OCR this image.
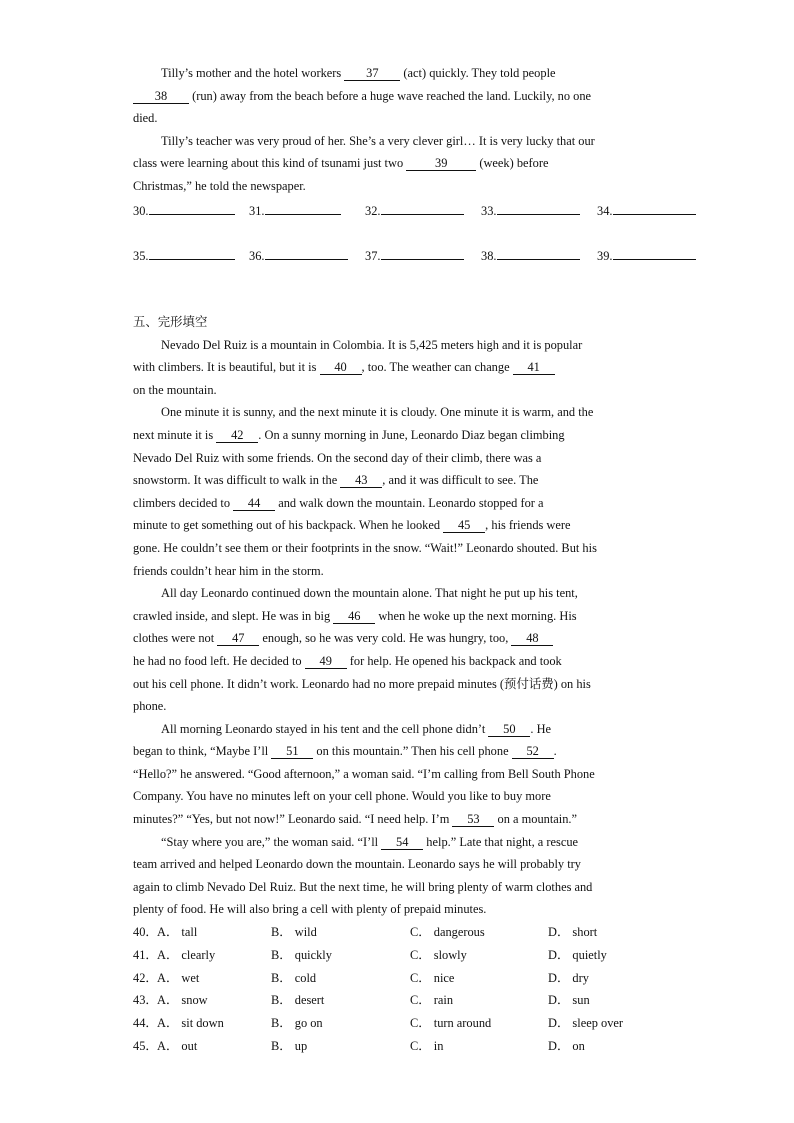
Tilly’s mother and the hotel workers 37 (act) quickly. They told people
38 (run) away from the beach before a huge wave reached the land. Luckily, no one
died.
Tilly’s teacher was very proud of her. She’s a very clever girl… It is very lucky that our
class were learning about this kind of tsunami just two 39 (week) before
Christmas,” he told the newspaper.
30.	31.	32.	33.	34.
35.	36.	37.	38.	39.
五、完形填空
Nevado Del Ruiz is a mountain in Colombia. It is 5,425 meters high and it is popular
with climbers. It is beautiful, but it is 40 , too. The weather can change 41
on the mountain.
One minute it is sunny, and the next minute it is cloudy. One minute it is warm, and the
next minute it is 42 . On a sunny morning in June, Leonardo Diaz began climbing
Nevado Del Ruiz with some friends. On the second day of their climb, there was a
snowstorm. It was difficult to walk in the 43 , and it was difficult to see. The
climbers decided to 44 and walk down the mountain. Leonardo stopped for a
minute to get something out of his backpack. When he looked 45 , his friends were
gone. He couldn’t see them or their footprints in the snow. “Wait!” Leonardo shouted. But his
friends couldn’t hear him in the storm.
All day Leonardo continued down the mountain alone. That night he put up his tent,
crawled inside, and slept. He was in big 46 when he woke up the next morning. His
clothes were not 47 enough, so he was very cold. He was hungry, too, 48
he had no food left. He decided to 49 for help. He opened his backpack and took
out his cell phone. It didn’t work. Leonardo had no more prepaid minutes (预付话费) on his
phone.
All morning Leonardo stayed in his tent and the cell phone didn’t 50 . He
began to think, “Maybe I’ll 51 on this mountain.” Then his cell phone 52 .
“Hello?” he answered. “Good afternoon,” a woman said. “I’m calling from Bell South Phone
Company. You have no minutes left on your cell phone. Would you like to buy more
minutes?” “Yes, but not now!” Leonardo said. “I need help. I’m 53 on a mountain.”
“Stay where you are,” the woman said. “I’ll 54 help.” Late that night, a rescue
team arrived and helped Leonardo down the mountain. Leonardo says he will probably try
again to climb Nevado Del Ruiz. But the next time, he will bring plenty of warm clothes and
plenty of food. He will also bring a cell with plenty of prepaid minutes.
40． A． tall	B． wild	C． dangerous	D． short
41． A． clearly	B． quickly	C． slowly	D． quietly
42． A． wet	B． cold	C． nice	D． dry
43． A． snow	B． desert	C． rain	D． sun
44． A． sit down	B． go on	C． turn around	D． sleep over
45． A． out	B． up	C． in	D． on
